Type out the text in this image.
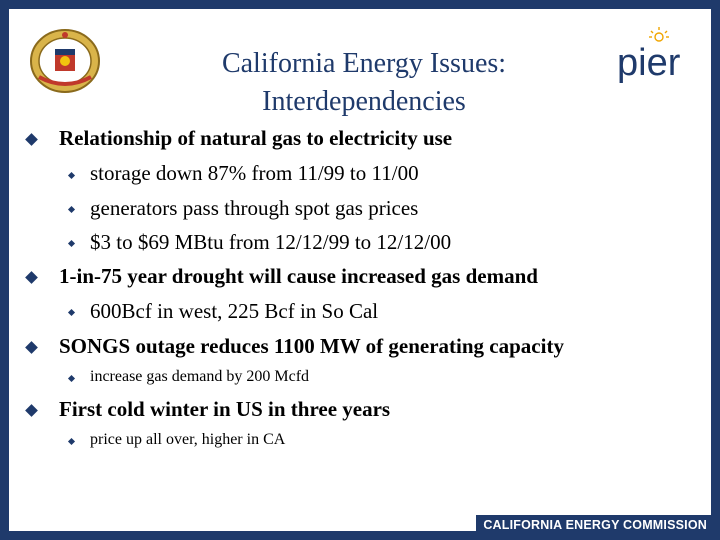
pier
California Energy Issues:
Interdependencies
Relationship of natural gas to electricity use
storage down 87% from 11/99 to 11/00
generators pass through spot gas prices
$3 to $69 MBtu from 12/12/99 to 12/12/00
1-in-75 year drought will cause increased gas demand
600Bcf in west, 225 Bcf in So Cal
SONGS outage reduces 1100 MW of generating capacity
increase gas demand by 200 Mcfd
First cold winter in US in three years
price up all over, higher in CA
CALIFORNIA ENERGY COMMISSION
